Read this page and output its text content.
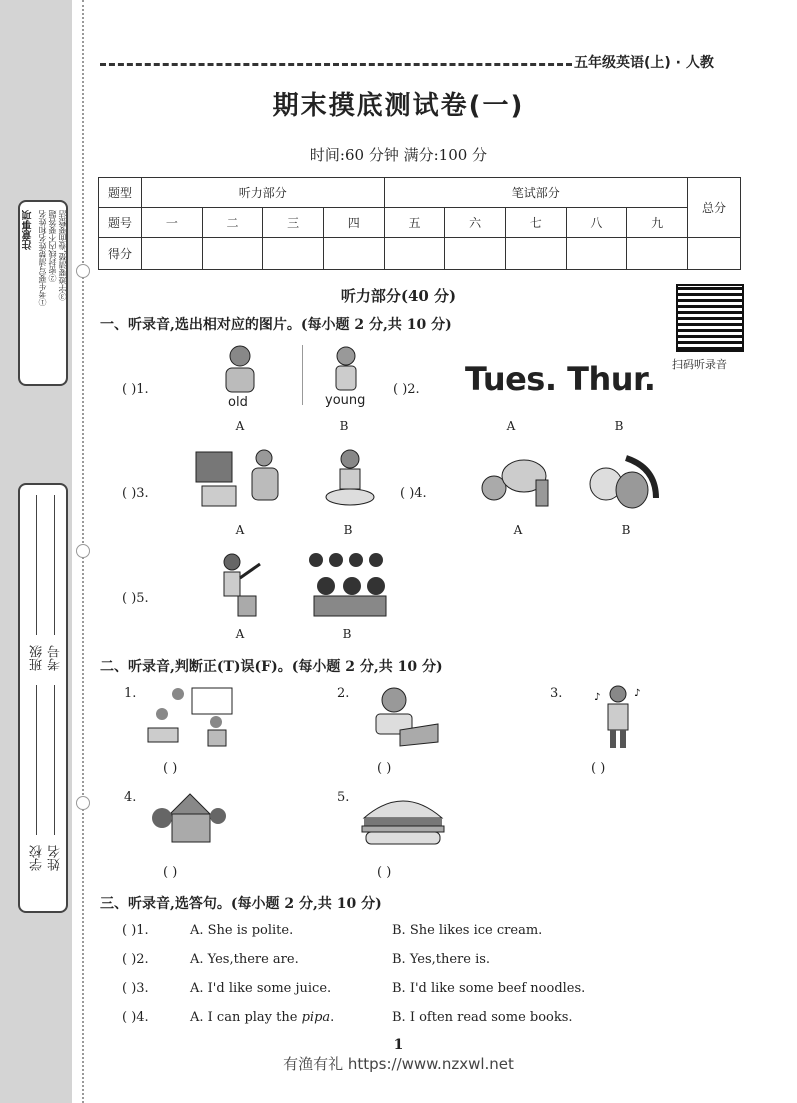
注意事项 ①考生要写清楚姓名和姓名 ②密封线内不要答题 ③字迹要清楚,卷面要整洁
学校 姓名
班级 考号
五年级英语(上) · 人教
期末摸底测试卷(一)
时间:60 分钟 满分:100 分
题型	听力部分				笔试部分					总分
题号	一	二	三	四	五	六	七	八	九	
得分										
听力部分(40 分)
扫码听录音
一、听录音,选出相对应的图片。(每小题 2 分,共 10 分)
( )1.
old	young
A	B
( )2. Tues. Thur.
A	B
( )3.
A	B
( )4.
A	B
( )5.
A	B
二、听录音,判断正(T)误(F)。(每小题 2 分,共 10 分)
1.
( )
2.
( )
3.	♪	♪
( )
4.
( )
5.
( )
三、听录音,选答句。(每小题 2 分,共 10 分)
( )1.	A. She is polite.	B. She likes ice cream.
( )2.	A. Yes,there are.	B. Yes,there is.
( )3.	A. I'd like some juice.	B. I'd like some beef noodles.
( )4.	A. I can play the pipa.	B. I often read some books.
1
有渔有礼 https://www.nzxwl.net
